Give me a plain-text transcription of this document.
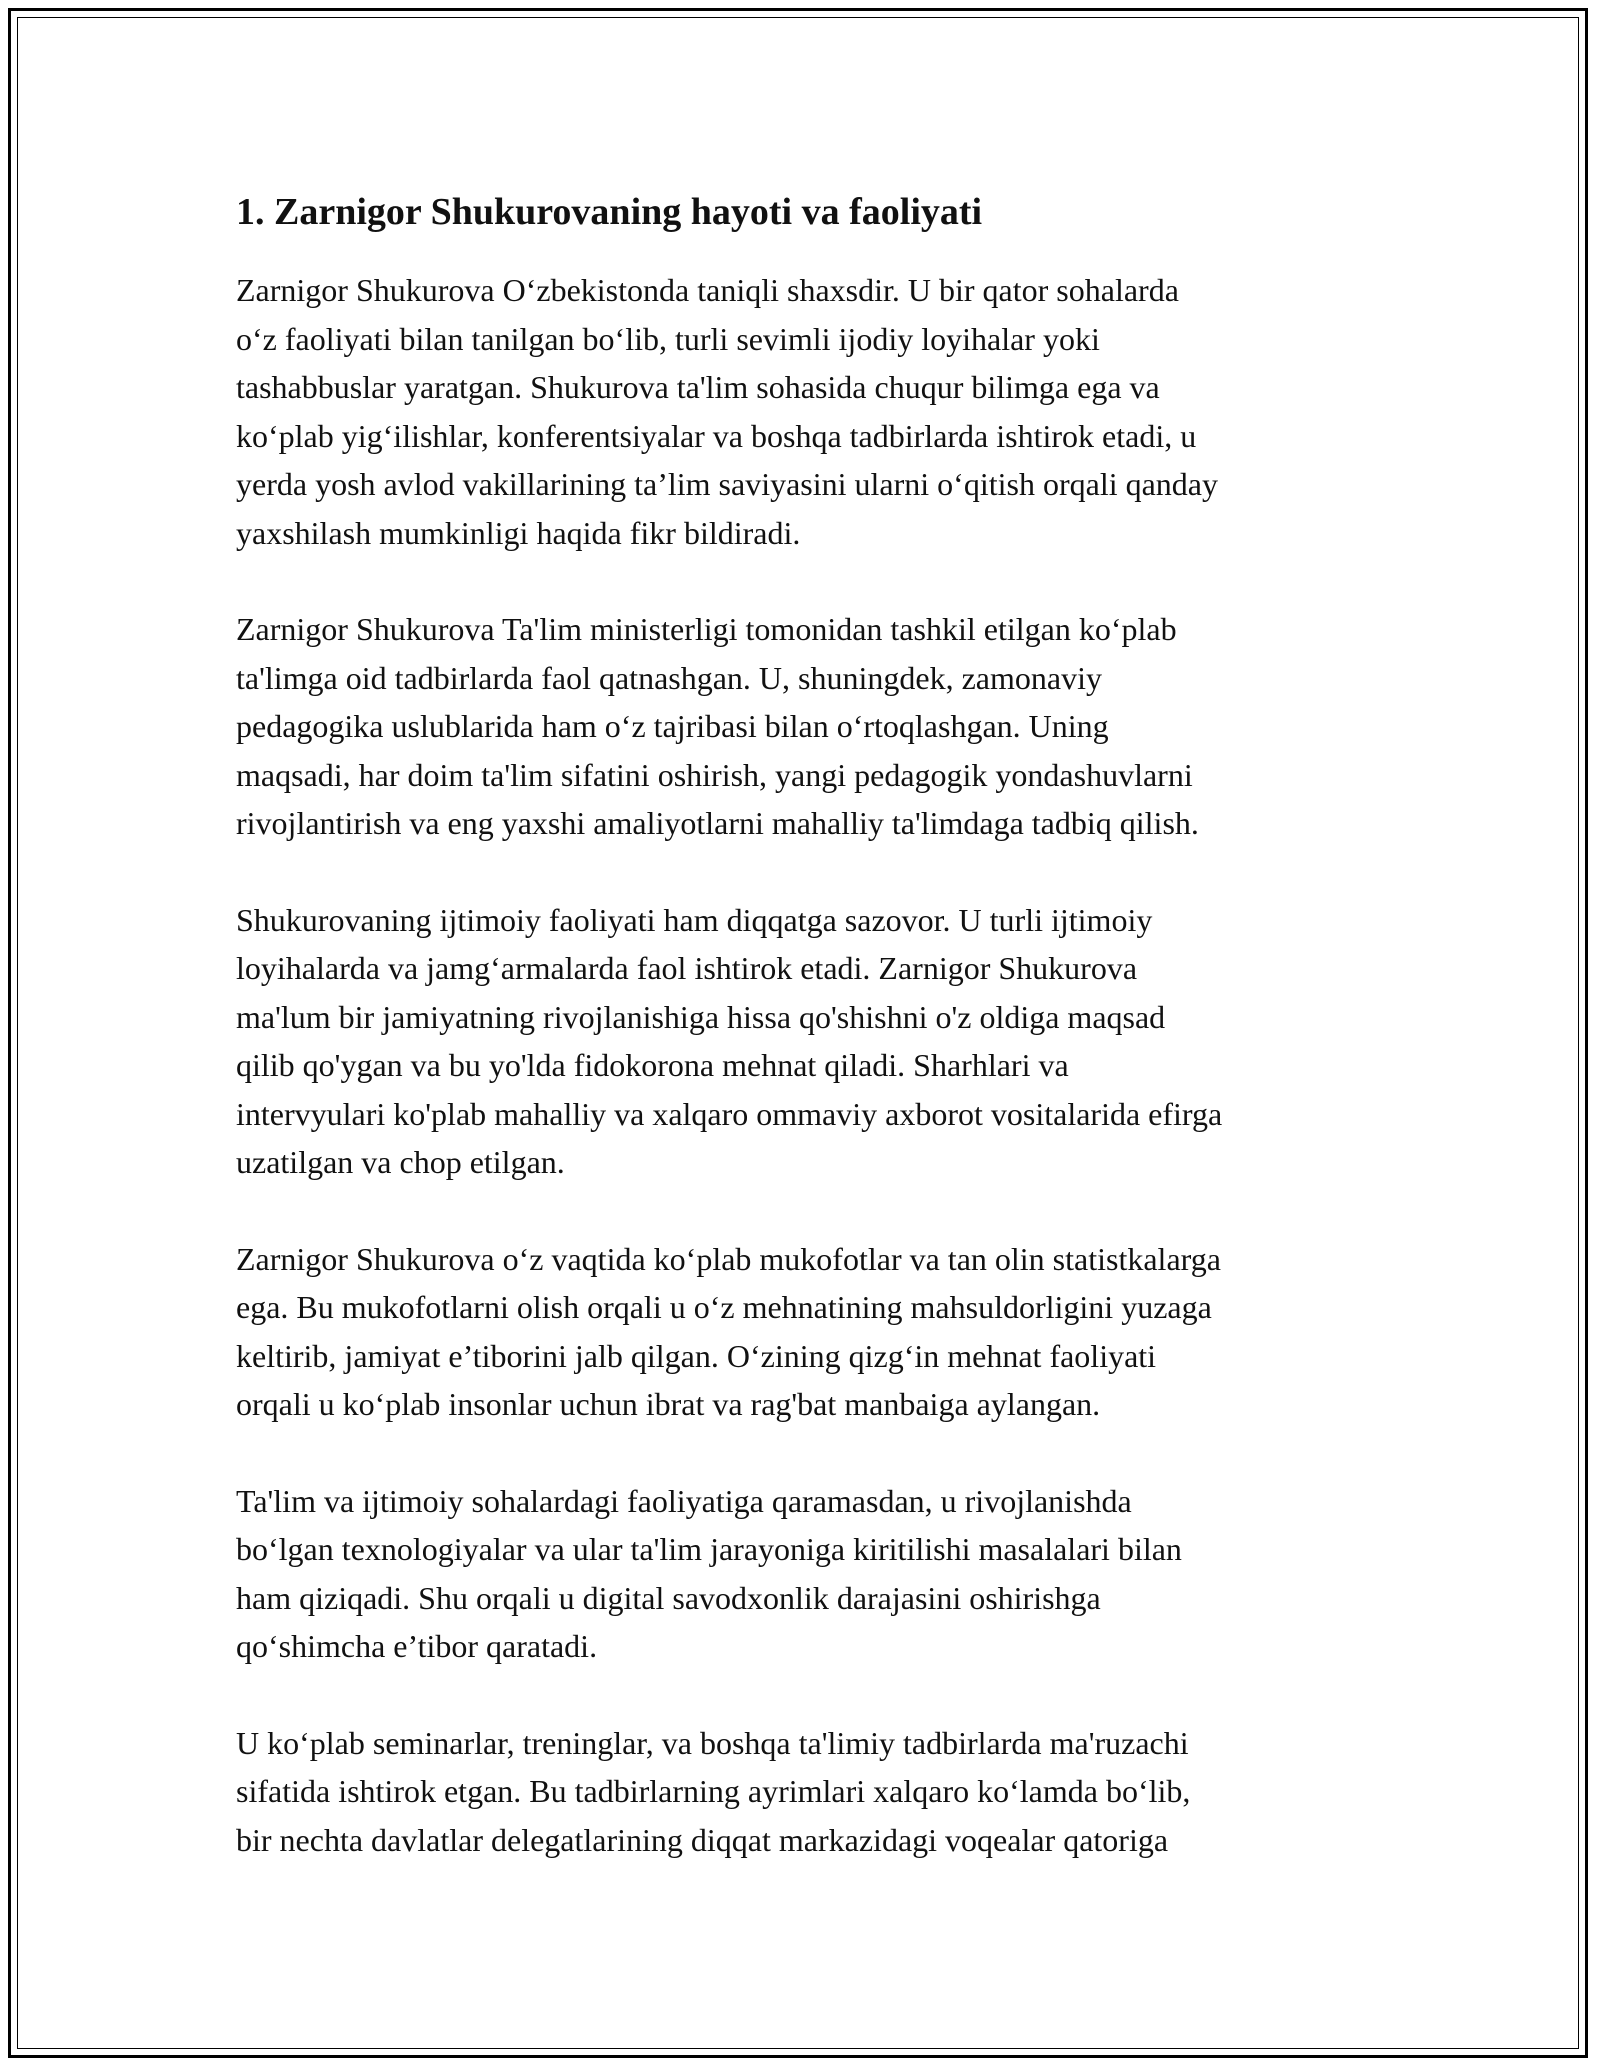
1. Zarnigor Shukurovaning hayoti va faoliyati
Zarnigor Shukurova Oʻzbekistonda taniqli shaxsdir. U bir qator sohalarda
oʻz faoliyati bilan tanilgan boʻlib, turli sevimli ijodiy loyihalar yoki
tashabbuslar yaratgan. Shukurova ta'lim sohasida chuqur bilimga ega va
koʻplab yigʻilishlar, konferentsiyalar va boshqa tadbirlarda ishtirok etadi, u
yerda yosh avlod vakillarining ta’lim saviyasini ularni oʻqitish orqali qanday
yaxshilash mumkinligi haqida fikr bildiradi.
Zarnigor Shukurova Ta'lim ministerligi tomonidan tashkil etilgan koʻplab
ta'limga oid tadbirlarda faol qatnashgan. U, shuningdek, zamonaviy
pedagogika uslublarida ham oʻz tajribasi bilan oʻrtoqlashgan. Uning
maqsadi, har doim ta'lim sifatini oshirish, yangi pedagogik yondashuvlarni
rivojlantirish va eng yaxshi amaliyotlarni mahalliy ta'limdaga tadbiq qilish.
Shukurovaning ijtimoiy faoliyati ham diqqatga sazovor. U turli ijtimoiy
loyihalarda va jamgʻarmalarda faol ishtirok etadi. Zarnigor Shukurova
ma'lum bir jamiyatning rivojlanishiga hissa qo'shishni o'z oldiga maqsad
qilib qo'ygan va bu yo'lda fidokorona mehnat qiladi. Sharhlari va
intervyulari ko'plab mahalliy va xalqaro ommaviy axborot vositalarida efirga
uzatilgan va chop etilgan.
Zarnigor Shukurova oʻz vaqtida koʻplab mukofotlar va tan olin statistkalarga
ega. Bu mukofotlarni olish orqali u oʻz mehnatining mahsuldorligini yuzaga
keltirib, jamiyat e’tiborini jalb qilgan. Oʻzining qizgʻin mehnat faoliyati
orqali u koʻplab insonlar uchun ibrat va rag'bat manbaiga aylangan.
Ta'lim va ijtimoiy sohalardagi faoliyatiga qaramasdan, u rivojlanishda
boʻlgan texnologiyalar va ular ta'lim jarayoniga kiritilishi masalalari bilan
ham qiziqadi. Shu orqali u digital savodxonlik darajasini oshirishga
qoʻshimcha e’tibor qaratadi.
U koʻplab seminarlar, treninglar, va boshqa ta'limiy tadbirlarda ma'ruzachi
sifatida ishtirok etgan. Bu tadbirlarning ayrimlari xalqaro koʻlamda boʻlib,
bir nechta davlatlar delegatlarining diqqat markazidagi voqealar qatoriga
